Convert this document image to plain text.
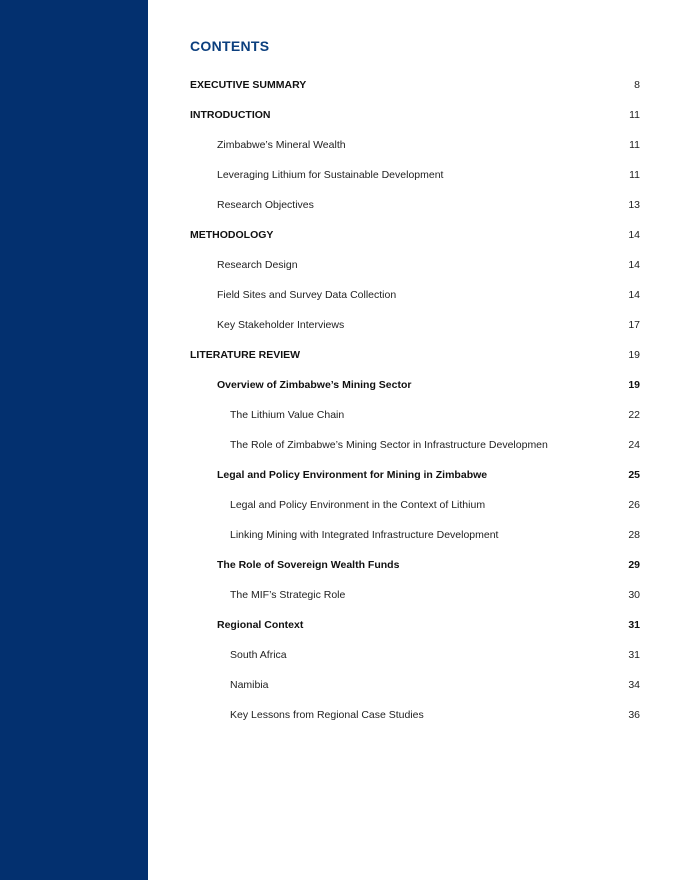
CONTENTS
EXECUTIVE SUMMARY	8
INTRODUCTION	11
Zimbabwe’s Mineral Wealth	11
Leveraging Lithium for Sustainable Development	11
Research Objectives	13
METHODOLOGY	14
Research Design	14
Field Sites and Survey Data Collection	14
Key Stakeholder Interviews	17
LITERATURE REVIEW	19
Overview of Zimbabwe’s Mining Sector	19
The Lithium Value Chain	22
The Role of Zimbabwe’s Mining Sector in Infrastructure Developmen	24
Legal and Policy Environment for Mining in Zimbabwe	25
Legal and Policy Environment in the Context of Lithium	26
Linking Mining with Integrated Infrastructure Development	28
The Role of Sovereign Wealth Funds	29
The MIF’s Strategic Role	30
Regional Context	31
South Africa	31
Namibia	34
Key Lessons from Regional Case Studies	36
